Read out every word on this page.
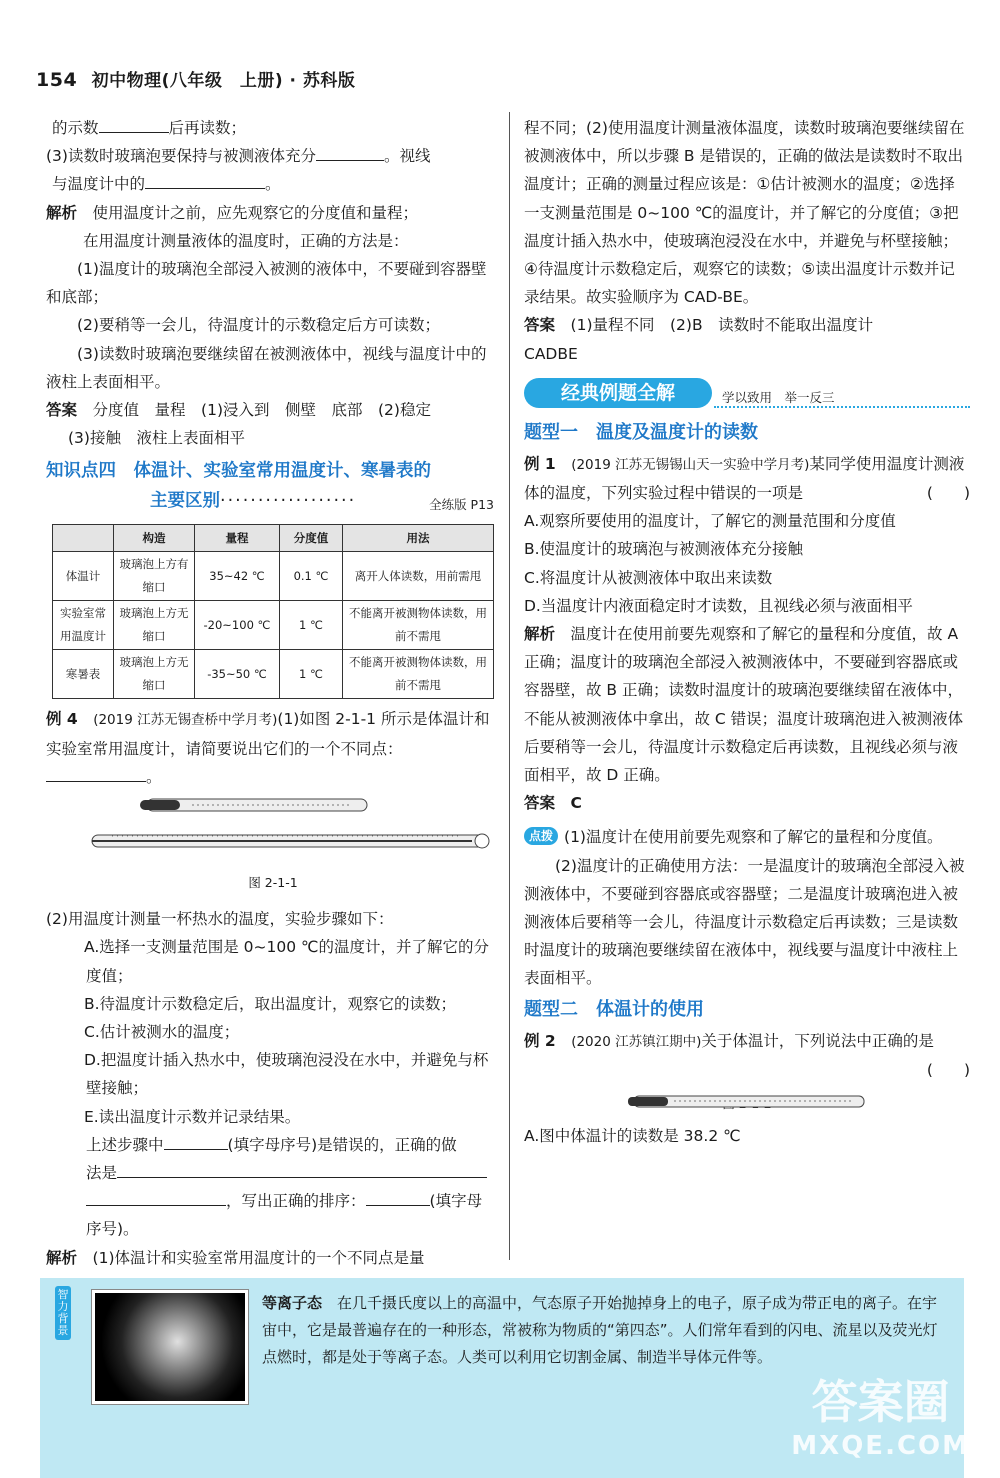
154 初中物理(八年级　上册) · 苏科版

的示数	后再读数；

(3)读数时玻璃泡要保持与被测液体充分	。视线

与温度计中的	。

解析　 使用温度计之前，应先观察它的分度值和量程；

在用温度计测量液体的温度时，正确的方法是：

(1)温度计的玻璃泡全部浸入被测的液体中，不要碰到容器壁和底部；

(2)要稍等一会儿，待温度计的示数稳定后方可读数；

(3)读数时玻璃泡要继续留在被测液体中，视线与温度计中的液柱上表面相平。

答案　 分度值　量程　(1)浸入到　侧壁　底部　(2)稳定

(3)接触　液柱上表面相平

知识点四　 体温计、实验室常用温度计、寒暑表的
主要区别··················	全练版 P13
	构造	量程	分度值	用法
体温计	玻璃泡上方有缩口	35~42 ℃	0.1 ℃	离开人体读数，用前需甩
实验室常用温度计	玻璃泡上方无缩口	-20~100 ℃	1 ℃	不能离开被测物体读数，用前不需甩
寒暑表	玻璃泡上方无缩口	-35~50 ℃	1 ℃	不能离开被测物体读数，用前不需甩

例 4　 (2019 江苏无锡查桥中学月考)(1)如图 2-1-1 所示是体温计和实验室常用温度计，请简要说出它们的一个不同点：。

图 2-1-1

(2)用温度计测量一杯热水的温度，实验步骤如下：

A.选择一支测量范围是 0~100 ℃的温度计，并了解它的分度值；

B.待温度计示数稳定后，取出温度计，观察它的读数；

C.估计被测水的温度；

D.把温度计插入热水中，使玻璃泡浸没在水中，并避免与杯壁接触；

E.读出温度计示数并记录结果。

上述步骤中	(填字母序号)是错误的，正确的做

法是

，写出正确的排序：	(填字母

序号)。

解析　 (1)体温计和实验室常用温度计的一个不同点是量

程不同；(2)使用温度计测量液体温度，读数时玻璃泡要继续留在被测液体中，所以步骤 B 是错误的，正确的做法是读数时不取出温度计；正确的测量过程应该是：①估计被测水的温度；②选择一支测量范围是 0~100 ℃的温度计，并了解它的分度值；③把温度计插入热水中，使玻璃泡浸没在水中，并避免与杯壁接触；④待温度计示数稳定后，观察它的读数；⑤读出温度计示数并记录结果。故实验顺序为 CAD-BE。

答案　 (1)量程不同　(2)B　读数时不能取出温度计

CADBE

经典例题全解	学以致用　举一反三

题型一　温度及温度计的读数

例 1　 (2019 江苏无锡锡山天一实验中学月考)某同学使用温度计测液体的温度，下列实验过程中错误的一项是	(　　)

A.观察所要使用的温度计，了解它的测量范围和分度值

B.使温度计的玻璃泡与被测液体充分接触

C.将温度计从被测液体中取出来读数

D.当温度计内液面稳定时才读数，且视线必须与液面相平

解析　 温度计在使用前要先观察和了解它的量程和分度值，故 A 正确；温度计的玻璃泡全部浸入被测液体中，不要碰到容器底或容器壁，故 B 正确；读数时温度计的玻璃泡要继续留在液体中，不能从被测液体中拿出，故 C 错误；温度计玻璃泡进入被测液体后要稍等一会儿，待温度计示数稳定后再读数，且视线必须与液面相平，故 D 正确。

答案　 C

点拨 (1)温度计在使用前要先观察和了解它的量程和分度值。

(2)温度计的正确使用方法：一是温度计的玻璃泡全部浸入被测液体中，不要碰到容器底或容器壁；二是温度计玻璃泡进入被测液体后要稍等一会儿，待温度计示数稳定后再读数；三是读数时温度计的玻璃泡要继续留在液体中，视线要与温度计中液柱上表面相平。

题型二　体温计的使用

例 2　 (2020 江苏镇江期中)关于体温计，下列说法中正确的是
(　　)

A.图中体温计的读数是 38.2 ℃

智力背景
等离子态　 在几千摄氏度以上的高温中，气态原子开始抛掉身上的电子，原子成为带正电的离子。在宇宙中，它是最普遍存在的一种形态，常被称为物质的“第四态”。人们常年看到的闪电、流星以及荧光灯点燃时，都是处于等离子态。人类可以利用它切割金属、制造半导体元件等。
答案圈
MXQE.COM
